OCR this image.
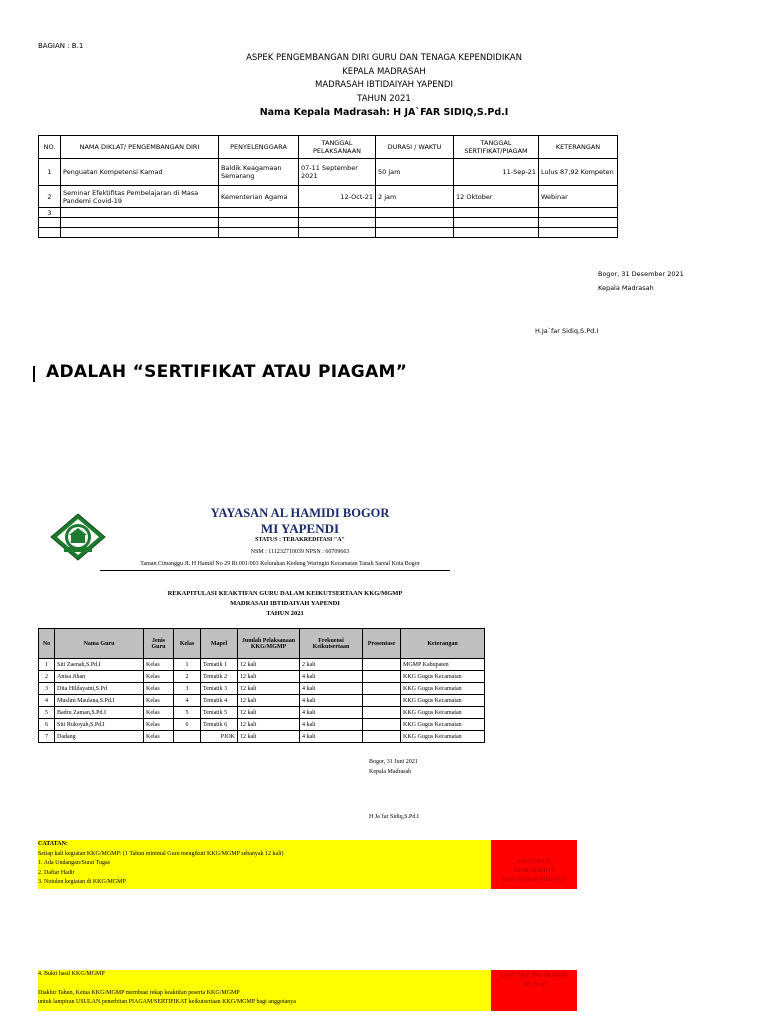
BAGIAN : B.1
ASPEK PENGEMBANGAN DIRI GURU DAN TENAGA KEPENDIDIKAN
KEPALA MADRASAH
MADRASAH IBTIDAIYAH YAPENDI
TAHUN 2021
Nama Kepala Madrasah: H JA`FAR SIDIQ,S.Pd.I
NO.	NAMA DIKLAT/ PENGEMBANGAN DIRI	PENYELENGGARA	TANGGAL PELAKSANAAN	DURASI / WAKTU	TANGGAL SERTIFIKAT/PIAGAM	KETERANGAN
1	Penguatan Kompetensi Kamad	Baldik Keagamaan Semarang	07-11 September 2021	50 jam	11-Sep-21	Lulus 87,92 Kompeten
2	Seminar Efektifitas Pembelajaran di Masa Pandemi Covid-19	Kementerian Agama	12-Oct-21	2 jam	12 Oktober	Webinar
3						

Bogor, 31 Desember 2021
Kepala Madrasah
H.Ja`far Sidiq,S.Pd.I
ADALAH “SERTIFIKAT ATAU PIAGAM”
YAYASAN AL HAMIDI BOGOR
MI YAPENDI
STATUS : TERAKREDITASI "A"
NSM : 111232710039 NPSN : 60709663
Taman Cimanggu JL H Hamid No 29 Rt 001/003 Kelurahan Kedung Waringin Kecamatan Tanah Sareal Kota Bogor
REKAPITULASI KEAKTIFAN GURU DALAM KEIKUTSERTAAN KKG/MGMP
MADRASAH IBTIDAIYAH YAPENDI
TAHUN 2021
No	Nama Guru	Jenis Guru	Kelas	Mapel	Jumlah Pelaksanaan KKG/MGMP	Frekuensi Keikutsertaan	Prosentase	Keterangan
1	Siti Zaenah,S.Pd.I	Kelas	1	Tematik 1	12 kali	2 kali		MGMP Kabupaten
2	Anisa Jihan	Kelas	2	Tematik 2	12 kali	4 kali		KKG Gugus Kecamatan
3	Dita Hildayatni,S.Pd	Kelas	3	Tematik 3	12 kali	4 kali		KKG Gugus Kecamatan
4	Muslim Maulana,S.Pd.I	Kelas	4	Tematik 4	12 kali	4 kali		KKG Gugus Kecamatan
5	Badru Zaman,S.Pd.I	Kelas	5	Tematik 5	12 kali	4 kali		KKG Gugus Kecamatan
6	Siti Rukoyah,S.Pd.I	Kelas	6	Tematik 6	12 kali	4 kali		KKG Gugus Kecamatan
7	Dadang	Kelas		PJOK	12 kali	4 kali		KKG Gugus Kecamatan
Bogor, 31 Juni 2021
Kepala Madrasah
H Ja`far Sidiq,S.Pd.I
CATATAN:
Setiap kali kegiatan KKG/MGMP: (1 Tahun minimal Guru mengikuti KKG/MGMP sebanyak 12 kali)
1. Ada Undangan/Surat Tugas
2. Daftar Hadir
3. Notulen kegiatan di KKG/MGMP
INI CUKUP
DIMENGERTI
DAN HARUS DIHAPUS
4. Bukti hasil KKG/MGMP
Diakhir Tahun, Ketua KKG/MGMP membuat rekap keaktifan peserta KKG/MGMP
untuk lampiran USULAN penerbitan PIAGAM/SERTIFIKAT keikutsertaan KKG/MGMP bagi anggotanya
SAAT FILE INI AKAN DI
UPLOAD
